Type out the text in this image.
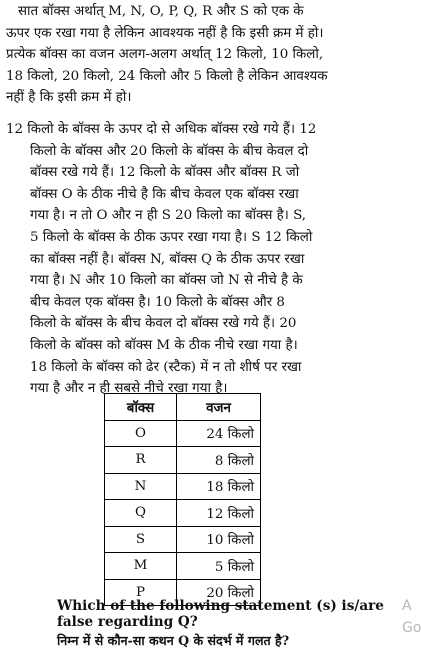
सात बॉक्स अर्थात् M, N, O, P, Q, R और S को एक के
ऊपर एक रखा गया है लेकिन आवश्यक नहीं है कि इसी क्रम में हो।
प्रत्येक बॉक्स का वजन अलग-अलग अर्थात् 12 किलो, 10 किलो,
18 किलो, 20 किलो, 24 किलो और 5 किलो है लेकिन आवश्यक
नहीं है कि इसी क्रम में हो।
12 किलो के बॉक्स के ऊपर दो से अधिक बॉक्स रखे गये हैं। 12
किलो के बॉक्स और 20 किलो के बॉक्स के बीच केवल दो
बॉक्स रखे गये हैं। 12 किलो के बॉक्स और बॉक्स R जो
बॉक्स O के ठीक नीचे है कि बीच केवल एक बॉक्स रखा
गया है। न तो O और न ही S 20 किलो का बॉक्स है। S,
5 किलो के बॉक्स के ठीक ऊपर रखा गया है। S 12 किलो
का बॉक्स नहीं है। बॉक्स N, बॉक्स Q के ठीक ऊपर रखा
गया है। N और 10 किलो का बॉक्स जो N से नीचे है के
बीच केवल एक बॉक्स है। 10 किलो के बॉक्स और 8
किलो के बॉक्स के बीच केवल दो बॉक्स रखे गये हैं। 20
किलो के बॉक्स को बॉक्स M के ठीक नीचे रखा गया है।
18 किलो के बॉक्स को ढेर (स्टैक) में न तो शीर्ष पर रखा
गया है और न ही सबसे नीचे रखा गया है।
बॉक्स	वजन
O	24 किलो
R	8 किलो
N	18 किलो
Q	12 किलो
S	10 किलो
M	5 किलो
P	20 किलो
Which of the following statement (s) is/are false regarding Q?
निम्न में से कौन-सा कथन Q के संदर्भ में गलत है?
A
Go
